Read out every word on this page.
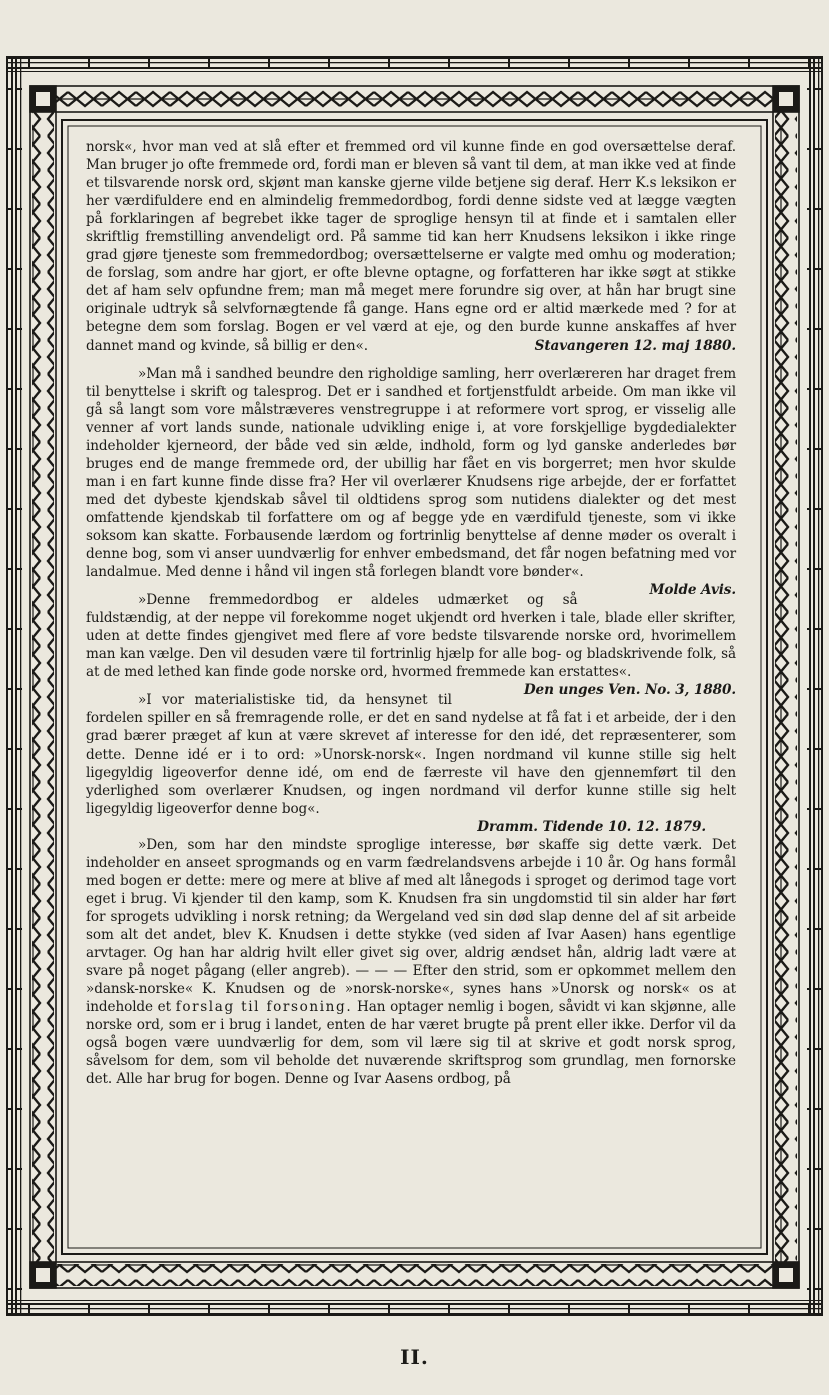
norsk«, hvor man ved at slå efter et fremmed ord vil kunne finde en god oversættelse deraf. Man bruger jo ofte fremmede ord, fordi man er bleven så vant til dem, at man ikke ved at finde et tilsvarende norsk ord, skjønt man kanske gjerne vilde betjene sig deraf. Herr K.s leksikon er her værdifuldere end en almindelig fremmedordbog, fordi denne sidste ved at lægge vægten på forklaringen af begrebet ikke tager de sproglige hensyn til at finde et i samtalen eller skriftlig fremstilling anvendeligt ord. På samme tid kan herr Knudsens leksikon i ikke ringe grad gjøre tjeneste som fremmedordbog; oversættelserne er valgte med omhu og moderation; de forslag, som andre har gjort, er ofte blevne optagne, og forfatteren har ikke søgt at stikke det af ham selv opfundne frem; man må meget mere forundre sig over, at hån har brugt sine originale udtryk så selvfornægtende få gange. Hans egne ord er altid mærkede med ? for at betegne dem som forslag. Bogen er vel værd at eje, og den burde kunne anskaffes af hver dannet mand og kvinde, så billig er den«.	Stavangeren 12. maj 1880.

»Man må i sandhed beundre den righoldige samling, herr overlæreren har draget frem til benyttelse i skrift og talesprog. Det er i sandhed et fortjenstfuldt arbeide. Om man ikke vil gå så langt som vore målstræveres venstregruppe i at reformere vort sprog, er visselig alle venner af vort lands sunde, nationale udvikling enige i, at vore forskjellige bygdedialekter indeholder kjerneord, der både ved sin ælde, indhold, form og lyd ganske anderledes bør bruges end de mange fremmede ord, der ubillig har fået en vis borgerret; men hvor skulde man i en fart kunne finde disse fra? Her vil overlærer Knudsens rige arbejde, der er forfattet med det dybeste kjendskab såvel til oldtidens sprog som nutidens dialekter og det mest omfattende kjendskab til forfattere om og af begge yde en værdifuld tjeneste, som vi ikke soksom kan skatte. Forbausende lærdom og fortrinlig benyttelse af denne møder os overalt i denne bog, som vi anser uundværlig for enhver embedsmand, det får nogen befatning med vor landalmue. Med denne i hånd vil ingen stå forlegen blandt vore bønder«.
Molde Avis.

»Denne fremmedordbog er aldeles udmærket og så fuldstændig, at der neppe vil forekomme noget ukjendt ord hverken i tale, blade eller skrifter, uden at dette findes gjengivet med flere af vore bedste tilsvarende norske ord, hvorimellem man kan vælge. Den vil desuden være til fortrinlig hjælp for alle bog- og bladskrivende folk, så at de med lethed kan finde gode norske ord, hvormed fremmede kan erstattes«.
Den unges Ven. No. 3, 1880.

»I vor materialistiske tid, da hensynet til fordelen spiller en så fremragende rolle, er det en sand nydelse at få fat i et arbeide, der i den grad bærer præget af kun at være skrevet af interesse for den idé, det repræsenterer, som dette. Denne idé er i to ord: »Unorsk-norsk«. Ingen nordmand vil kunne stille sig helt ligegyldig ligeoverfor denne idé, om end de færreste vil have den gjennemført til den yderlighed som overlærer Knudsen, og ingen nordmand vil derfor kunne stille sig helt ligegyldig ligeoverfor denne bog«.

Dramm. Tidende 10. 12. 1879.

»Den, som har den mindste sproglige interesse, bør skaffe sig dette værk. Det indeholder en anseet sprogmands og en varm fædrelandsvens arbejde i 10 år. Og hans formål med bogen er dette: mere og mere at blive af med alt lånegods i sproget og derimod tage vort eget i brug. Vi kjender til den kamp, som K. Knudsen fra sin ungdomstid til sin alder har ført for sprogets udvikling i norsk retning; da Wergeland ved sin død slap denne del af sit arbeide som alt det andet, blev K. Knudsen i dette stykke (ved siden af Ivar Aasen) hans egentlige arvtager. Og han har aldrig hvilt eller givet sig over, aldrig ændset hån, aldrig ladt være at svare på noget pågang (eller angreb). — — — Efter den strid, som er opkommet mellem den »dansk-norske« K. Knudsen og de »norsk-norske«, synes hans »Unorsk og norsk« os at indeholde et forslag til forsoning. Han optager nemlig i bogen, såvidt vi kan skjønne, alle norske ord, som er i brug i landet, enten de har været brugte på prent eller ikke. Derfor vil da også bogen være uundværlig for dem, som vil lære sig til at skrive et godt norsk sprog, såvelsom for dem, som vil beholde det nuværende skriftsprog som grundlag, men fornorske det. Alle har brug for bogen. Denne og Ivar Aasens ordbog, på

II.
